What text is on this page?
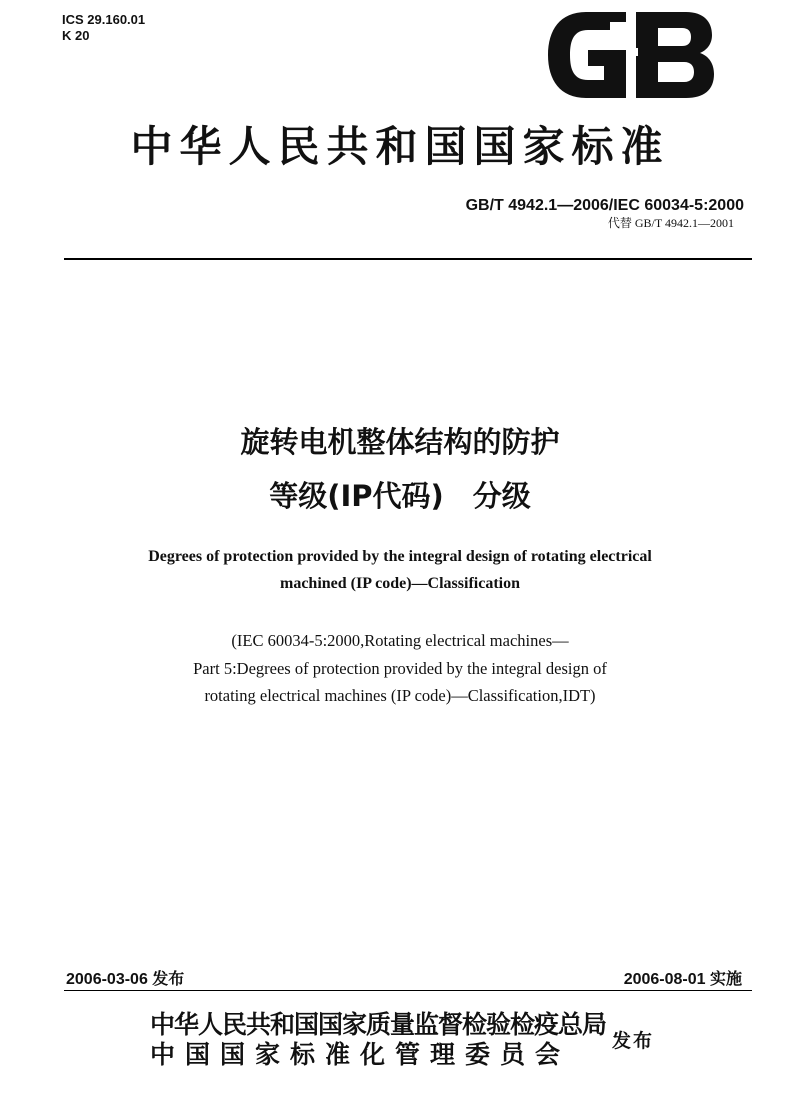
ICS 29.160.01
K 20
中华人民共和国国家标准
GB/T 4942.1—2006/IEC 60034-5:2000
代替 GB/T 4942.1—2001
旋转电机整体结构的防护
等级(IP代码)　分级
Degrees of protection provided by the integral design of rotating electrical
machined (IP code)—Classification
(IEC 60034-5:2000,Rotating electrical machines—
Part 5:Degrees of protection provided by the integral design of
rotating electrical machines (IP code)—Classification,IDT)
2006-03-06 发布	2006-08-01 实施
中华人民共和国国家质量监督检验检疫总局
中国国家标准化管理委员会 发布
